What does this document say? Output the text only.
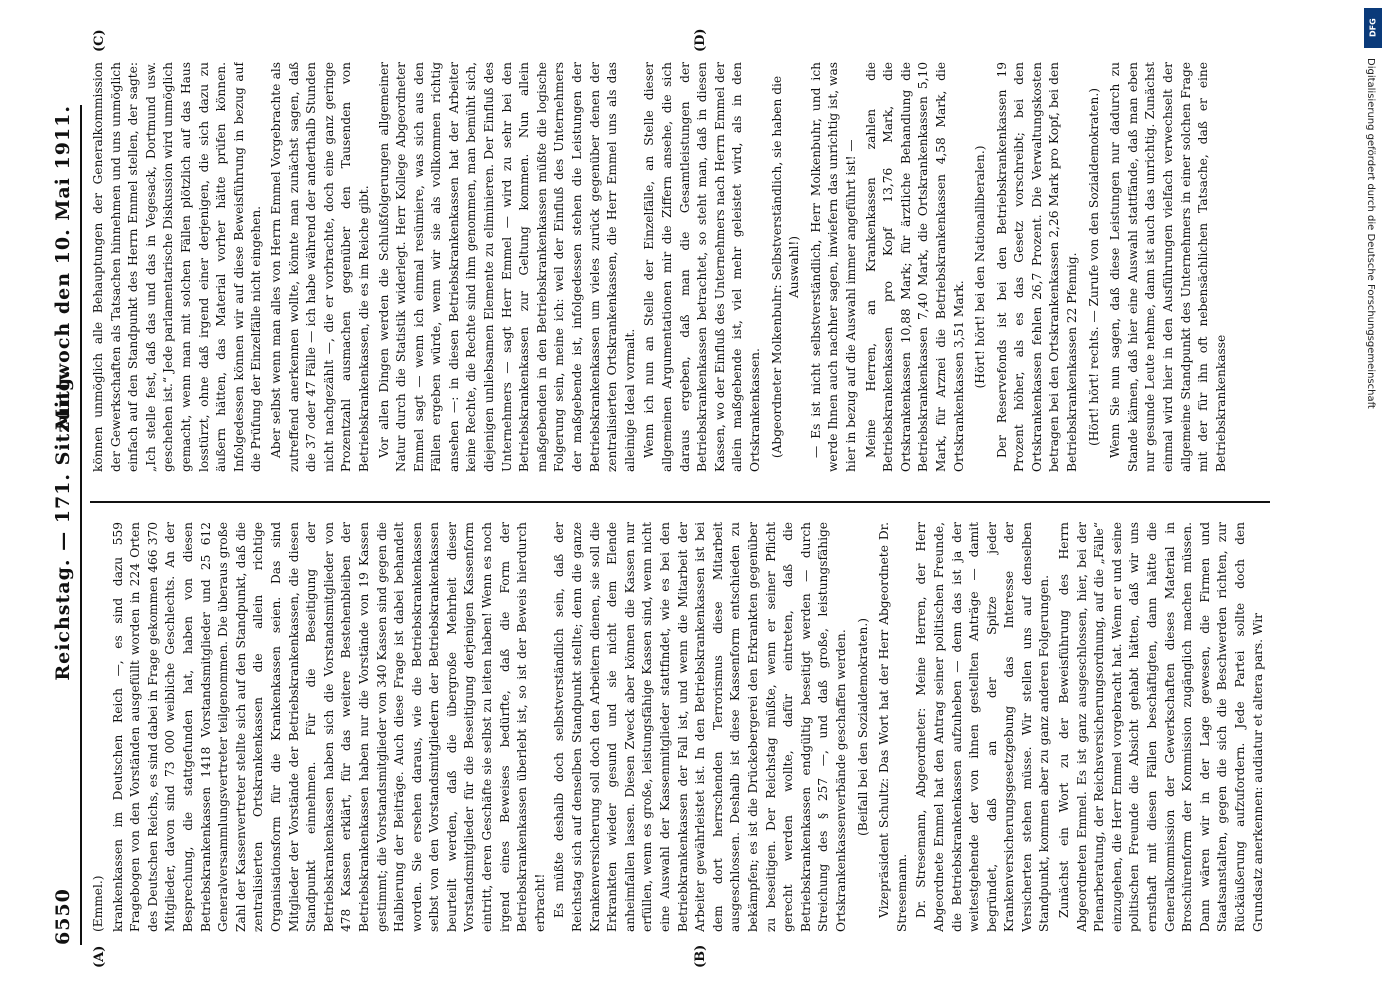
6550
Reichstag. — 171. Sitzung.
Mittwoch den 10. Mai 1911.
(A)	(B)
(C)	(D)

(Emmel.) krankenkassen im Deutschen Reich —, es sind dazu 559 Fragebogen von den Vorständen ausgefüllt worden in 224 Orten des Deutschen Reichs, es sind dabei in Frage gekommen 466 370 Mitglieder, davon sind 73 000 weibliche Geschlechts. An der Besprechung, die stattgefunden hat, haben von diesen Betriebskrankenkassen 1418 Vorstandsmitglieder und 25 612 Generalversammlungsvertreter teilgenommen. Die überaus große Zahl der Kassenvertreter stellte sich auf den Standpunkt, daß die zentralisierten Ortskrankenkassen die allein richtige Organisationsform für die Krankenkassen seien. Das sind Mitglieder der Vorstände der Betriebskrankenkassen, die diesen Standpunkt einnehmen. Für die Beseitigung der Betriebskrankenkassen haben sich die Vorstandsmitglieder von 478 Kassen erklärt, für das weitere Bestehenbleiben der Betriebskrankenkassen haben nur die Vorstände von 19 Kassen gestimmt; die Vorstandsmitglieder von 340 Kassen sind gegen die Halbierung der Beiträge. Auch diese Frage ist dabei behandelt worden. Sie ersehen daraus, wie die Betriebskrankenkassen selbst von den Vorstandsmitgliedern der Betriebskrankenkassen beurteilt werden, daß die übergroße Mehrheit dieser Vorstandsmitglieder für die Beseitigung derjenigen Kassenform eintritt, deren Geschäfte sie selbst zu leiten haben! Wenn es noch irgend eines Beweises bedürfte, daß die Form der Betriebskrankenkassen überlebt ist, so ist der Beweis hierdurch erbracht! Es müßte deshalb doch selbstverständlich sein, daß der Reichstag sich auf denselben Standpunkt stellte; denn die ganze Krankenversicherung soll doch den Arbeitern dienen, sie soll die Erkrankten wieder gesund und sie nicht dem Elende anheimfallen lassen. Diesen Zweck aber können die Kassen nur erfüllen, wenn es große, leistungsfähige Kassen sind, wenn nicht eine Auswahl der Kassenmitglieder stattfindet, wie es bei den Betriebkrankenkassen der Fall ist, und wenn die Mitarbeit der Arbeiter gewährleistet ist. In den Betriebskrankenkassen ist bei dem dort herrschenden Terrorismus diese Mitarbeit ausgeschlossen. Deshalb ist diese Kassenform entschieden zu bekämpfen; es ist die Drückebergerei den Erkrankten gegenüber zu beseitigen. Der Reichstag müßte, wenn er seiner Pflicht gerecht werden wollte, dafür eintreten, daß die Betriebskrankenkassen endgültig beseitigt werden — durch Streichung des § 257 —, und daß große, leistungsfähige Ortskrankenkassenverbände geschaffen werden. (Beifall bei den Sozialdemokraten.) Vizepräsident Schultz: Das Wort hat der Herr Abgeordnete Dr. Stresemann. Dr. Stresemann, Abgeordneter: Meine Herren, der Herr Abgeordnete Emmel hat den Antrag seiner politischen Freunde, die Betriebskrankenkassen aufzuheben — denn das ist ja der weitestgehende der von ihnen gestellten Anträge — damit begründet, daß an der Spitze jeder Krankenversicherungsgesetzgebung das Interesse der Versicherten stehen müsse. Wir stellen uns auf denselben Standpunkt, kommen aber zu ganz anderen Folgerungen. Zunächst ein Wort zu der Beweisführung des Herrn Abgeordneten Emmel. Es ist ganz ausgeschlossen, hier, bei der Plenarberatung, der Reichsversicherungsordnung, auf die „Fälle“ einzugehen, die Herr Emmel vorgebracht hat. Wenn er und seine politischen Freunde die Absicht gehabt hätten, daß wir uns ernsthaft mit diesen Fällen beschäftigten, dann hätte die Generalkommission der Gewerkschaften dieses Material in Broschürenform der Kommission zugänglich machen müssen. Dann wären wir in der Lage gewesen, die Firmen und Staatsanstalten, gegen die sich die Beschwerden richten, zur Rückäußerung aufzufordern. Jede Partei sollte doch den Grundsatz anerkennen: audiatur et altera pars. Wir

können unmöglich alle Behauptungen der Generalkommission der Gewerkschaften als Tatsachen hinnehmen und uns unmöglich einfach auf den Standpunkt des Herrn Emmel stellen, der sagte: „Ich stelle fest, daß das und das in Vegesack, Dortmund usw. geschehen ist.“ Jede parlamentarische Diskussion wird unmöglich gemacht, wenn man mit solchen Fällen plötzlich auf das Haus losstürzt, ohne daß irgend einer derjenigen, die sich dazu zu äußern hätten, das Material vorher hätte prüfen können. Infolgedessen können wir auf diese Beweisführung in bezug auf die Prüfung der Einzelfälle nicht eingehen. Aber selbst wenn man alles von Herrn Emmel Vorgebrachte als zutreffend anerkennen wollte, könnte man zunächst sagen, daß die 37 oder 47 Fälle — ich habe während der anderthalb Stunden nicht nachgezählt —, die er vorbrachte, doch eine ganz geringe Prozentzahl ausmachen gegenüber den Tausenden von Betriebskrankenkassen, die es im Reiche gibt. Vor allen Dingen werden die Schlußfolgerungen allgemeiner Natur durch die Statistik widerlegt. Herr Kollege Abgeordneter Emmel sagt — wenn ich einmal resümiere, was sich aus den Fällen ergeben würde, wenn wir sie als vollkommen richtig ansehen —: in diesen Betriebskrankenkassen hat der Arbeiter keine Rechte, die Rechte sind ihm genommen, man bemüht sich, diejenigen unliebsamen Elemente zu eliminieren. Der Einfluß des Unternehmers — sagt Herr Emmel — wird zu sehr bei den Betriebskrankenkassen zur Geltung kommen. Nun allein maßgebenden in den Betriebskrankenkassen müßte die logische Folgerung sein, meine ich: weil der Einfluß des Unternehmers der maßgebende ist, infolgedessen stehen die Leistungen der Betriebskrankenkassen um vieles zurück gegenüber denen der zentralisierten Ortskrankenkassen, die Herr Emmel uns als das alleinige Ideal vormalt. Wenn ich nun an Stelle der Einzelfälle, an Stelle dieser allgemeinen Argumentationen mir die Ziffern ansehe, die sich daraus ergeben, daß man die Gesamtleistungen der Betriebskrankenkassen betrachtet, so steht man, daß in diesen Kassen, wo der Einfluß des Unternehmers nach Herrn Emmel der allein maßgebende ist, viel mehr geleistet wird, als in den Ortskrankenkassen. (Abgeordneter Molkenbuhr: Selbstverständlich, sie haben die Auswahl!) — Es ist nicht selbstverständlich, Herr Molkenbuhr, und ich werde Ihnen auch nachher sagen, inwiefern das unrichtig ist, was hier in bezug auf die Auswahl immer angeführt ist! — Meine Herren, an Krankenkassen zahlen die Betriebskrankenkassen pro Kopf 13,76 Mark, die Ortskrankenkassen 10,88 Mark; für ärztliche Behandlung die Betriebskrankenkassen 7,40 Mark, die Ortskrankenkassen 5,10 Mark, für Arznei die Betriebskrankenkassen 4,58 Mark, die Ortskrankenkassen 3,51 Mark. (Hört! hört! bei den Nationalliberalen.) Der Reservefonds ist bei den Betriebskrankenkassen 19 Prozent höher, als es das Gesetz vorschreibt; bei den Ortskrankenkassen fehlen 26,7 Prozent. Die Verwaltungskosten betragen bei den Ortskrankenkassen 2,26 Mark pro Kopf, bei den Betriebskrankenkassen 22 Pfennig. (Hört! hört! rechts. — Zurufe von den Sozialdemokraten.) Wenn Sie nun sagen, daß diese Leistungen nur dadurch zu Stande kämen, daß hier eine Auswahl stattfände, daß man eben nur gesunde Leute nehme, dann ist auch das unrichtig. Zunächst einmal wird hier in den Ausführungen vielfach verwechselt der allgemeine Standpunkt des Unternehmers in einer solchen Frage mit der für ihn oft nebensächlichen Tatsache, daß er eine Betriebskrankenkasse

DFG
Digitalisierung gefördert durch die Deutsche Forschungsgemeinschaft
